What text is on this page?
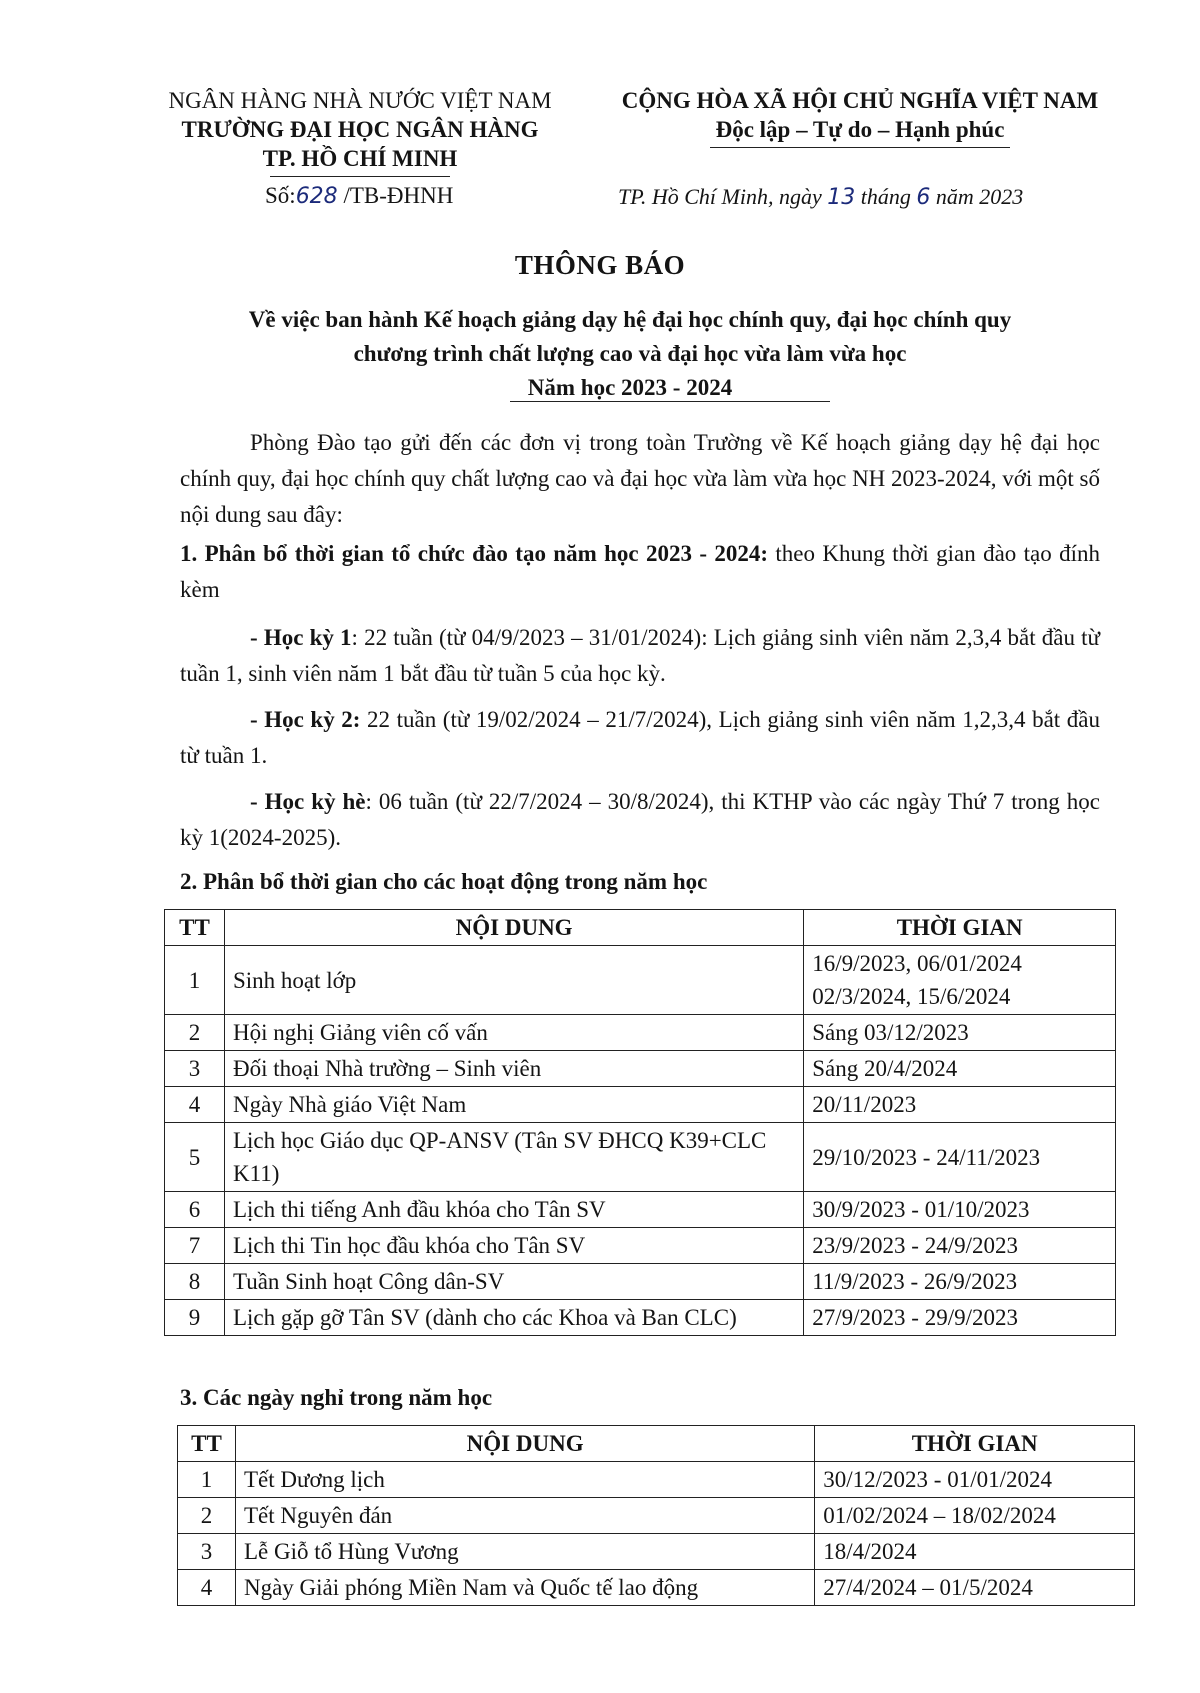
NGÂN HÀNG NHÀ NƯỚC VIỆT NAM
TRƯỜNG ĐẠI HỌC NGÂN HÀNG
TP. HỒ CHÍ MINH
CỘNG HÒA XÃ HỘI CHỦ NGHĨA VIỆT NAM
Độc lập – Tự do – Hạnh phúc
Số:628 /TB-ĐHNH	TP. Hồ Chí Minh, ngày 13 tháng 6 năm 2023
THÔNG BÁO
Về việc ban hành Kế hoạch giảng dạy hệ đại học chính quy, đại học chính quy
chương trình chất lượng cao và đại học vừa làm vừa học
Năm học 2023 - 2024
Phòng Đào tạo gửi đến các đơn vị trong toàn Trường về Kế hoạch giảng dạy hệ đại học chính quy, đại học chính quy chất lượng cao và đại học vừa làm vừa học NH 2023-2024, với một số nội dung sau đây:
1. Phân bổ thời gian tổ chức đào tạo năm học 2023 - 2024: theo Khung thời gian đào tạo đính kèm
- Học kỳ 1: 22 tuần (từ 04/9/2023 – 31/01/2024): Lịch giảng sinh viên năm 2,3,4 bắt đầu từ tuần 1, sinh viên năm 1 bắt đầu từ tuần 5 của học kỳ.
- Học kỳ 2: 22 tuần (từ 19/02/2024 – 21/7/2024), Lịch giảng sinh viên năm 1,2,3,4 bắt đầu từ tuần 1.
- Học kỳ hè: 06 tuần (từ 22/7/2024 – 30/8/2024), thi KTHP vào các ngày Thứ 7 trong học kỳ 1(2024-2025).
2. Phân bổ thời gian cho các hoạt động trong năm học
TT	NỘI DUNG	THỜI GIAN
1	Sinh hoạt lớp	16/9/2023, 06/01/2024
02/3/2024, 15/6/2024
2	Hội nghị Giảng viên cố vấn	Sáng 03/12/2023
3	Đối thoại Nhà trường – Sinh viên	Sáng 20/4/2024
4	Ngày Nhà giáo Việt Nam	20/11/2023
5	Lịch học Giáo dục QP-ANSV (Tân SV ĐHCQ K39+CLC K11)	29/10/2023 - 24/11/2023
6	Lịch thi tiếng Anh đầu khóa cho Tân SV	30/9/2023 - 01/10/2023
7	Lịch thi Tin học đầu khóa cho Tân SV	23/9/2023 - 24/9/2023
8	Tuần Sinh hoạt Công dân-SV	11/9/2023 - 26/9/2023
9	Lịch gặp gỡ Tân SV (dành cho các Khoa và Ban CLC)	27/9/2023 - 29/9/2023
3. Các ngày nghỉ trong năm học
TT	NỘI DUNG	THỜI GIAN
1	Tết Dương lịch	30/12/2023 - 01/01/2024
2	Tết Nguyên đán	01/02/2024 – 18/02/2024
3	Lễ Giỗ tổ Hùng Vương	18/4/2024
4	Ngày Giải phóng Miền Nam và Quốc tế lao động	27/4/2024 – 01/5/2024
